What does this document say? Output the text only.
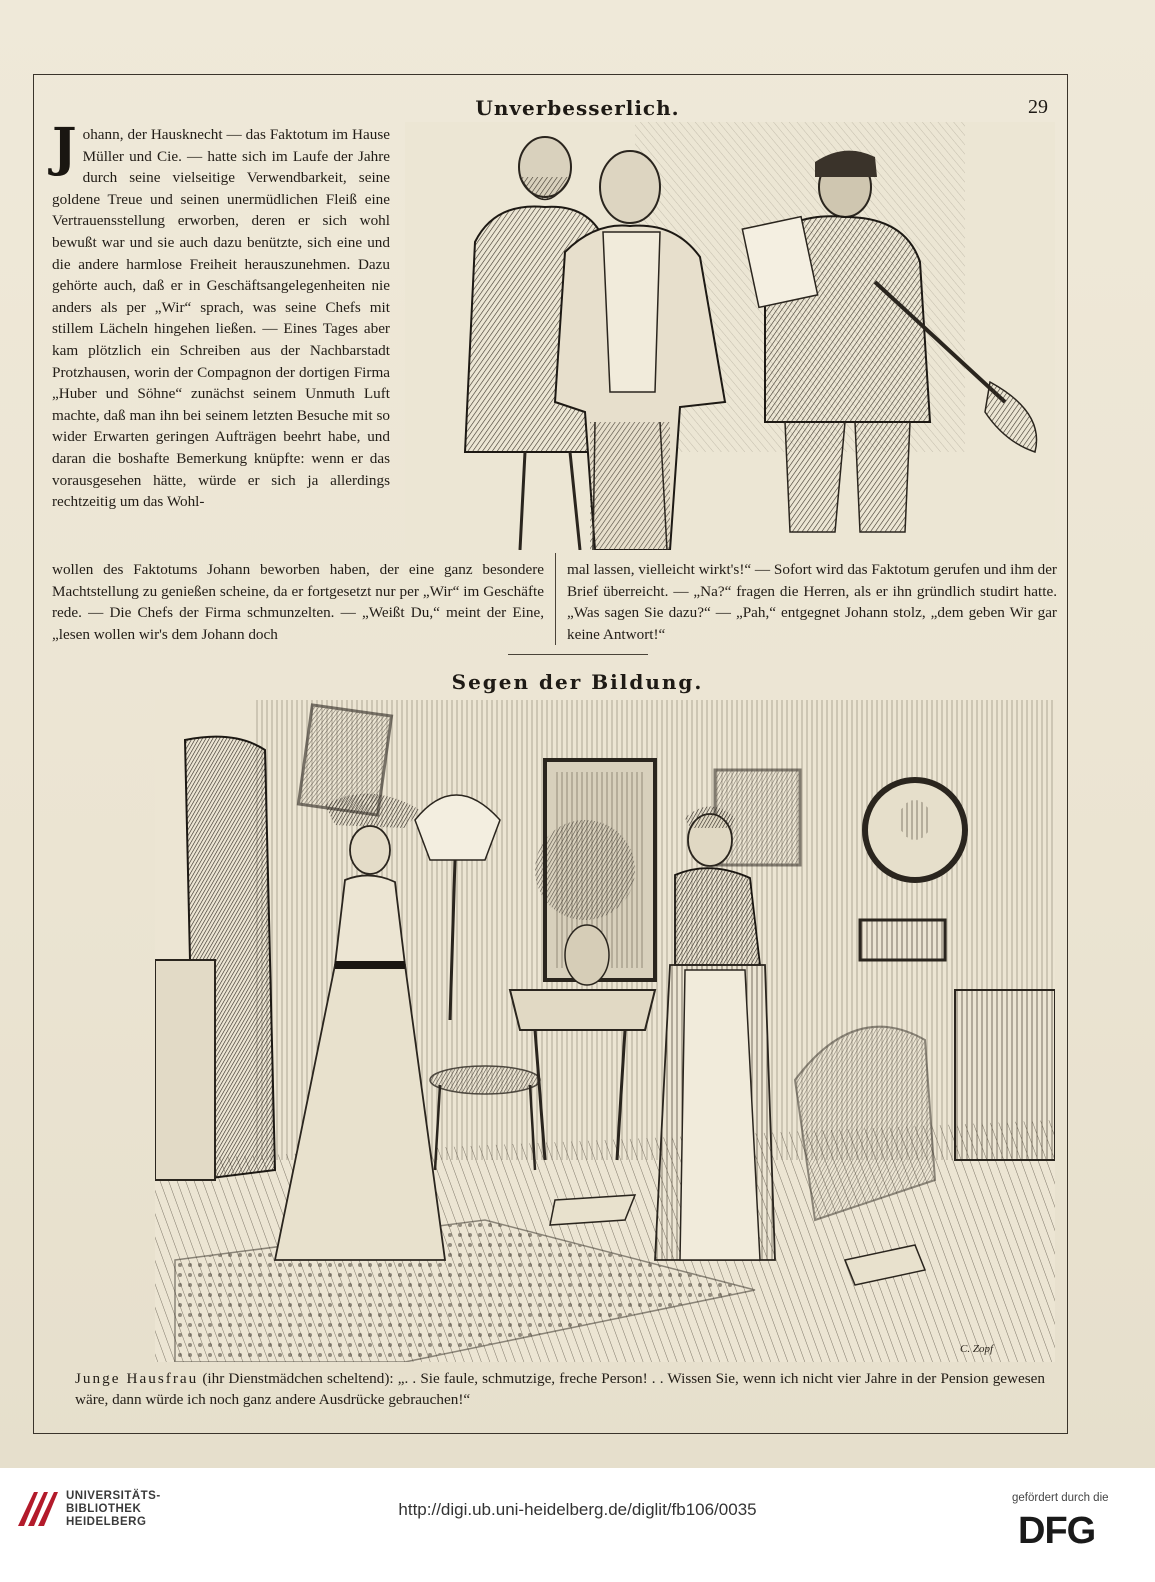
Unverbesserlich.	29
J ohann, der Hausknecht — das Faktotum im Hause Müller und Cie. — hatte sich im Laufe der Jahre durch seine vielseitige Verwendbarkeit, seine goldene Treue und seinen unermüdlichen Fleiß eine Vertrauensstellung erworben, deren er sich wohl bewußt war und sie auch dazu benützte, sich eine und die andere harmlose Freiheit herauszunehmen. Dazu gehörte auch, daß er in Geschäftsangelegenheiten nie anders als per „Wir“ sprach, was seine Chefs mit stillem Lächeln hingehen ließen. — Eines Tages aber kam plötzlich ein Schreiben aus der Nachbarstadt Protzhausen, worin der Compagnon der dortigen Firma „Huber und Söhne“ zunächst seinem Unmuth Luft machte, daß man ihn bei seinem letzten Besuche mit so wider Erwarten geringen Aufträgen beehrt habe, und daran die boshafte Bemerkung knüpfte: wenn er das vorausgesehen hätte, würde er sich ja allerdings rechtzeitig um das Wohl-
wollen des Faktotums Johann beworben haben, der eine ganz besondere Machtstellung zu genießen scheine, da er fortgesetzt nur per „Wir“ im Geschäfte rede. — Die Chefs der Firma schmunzelten. — „Weißt Du,“ meint der Eine, „lesen wollen wir's dem Johann doch
mal lassen, vielleicht wirkt's!“ — Sofort wird das Faktotum gerufen und ihm der Brief überreicht. — „Na?“ fragen die Herren, als er ihn gründlich studirt hatte. „Was sagen Sie dazu?“ — „Pah,“ entgegnet Johann stolz, „dem geben Wir gar keine Antwort!“
Segen der Bildung.
C. Zopf
Junge Hausfrau (ihr Dienstmädchen scheltend): „. . Sie faule, schmutzige, freche Person! . . Wissen Sie, wenn ich nicht vier Jahre in der Pension gewesen wäre, dann würde ich noch ganz andere Ausdrücke gebrauchen!“
UNIVERSITÄTS-
BIBLIOTHEK
HEIDELBERG
http://digi.ub.uni-heidelberg.de/diglit/fb106/0035
gefördert durch die
DFG
